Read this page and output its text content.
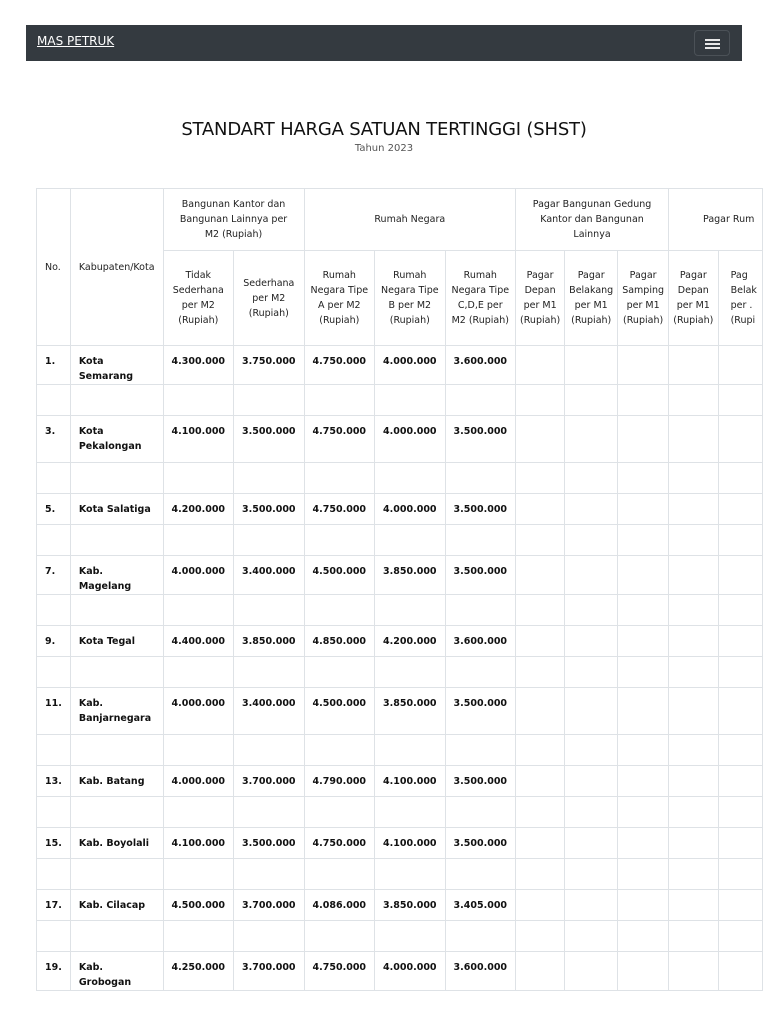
MAS PETRUK
STANDART HARGA SATUAN TERTINGGI (SHST)
Tahun 2023
No.	Kabupaten/Kota	Bangunan Kantor dan Bangunan Lainnya per M2 (Rupiah)		Rumah Negara			Pagar Bangunan Gedung Kantor dan Bangunan Lainnya			Pagar Rum	
		Tidak Sederhana per M2 (Rupiah)	Sederhana per M2 (Rupiah)	Rumah Negara Tipe A per M2 (Rupiah)	Rumah Negara Tipe B per M2 (Rupiah)	Rumah Negara Tipe C,D,E per M2 (Rupiah)	Pagar Depan per M1 (Rupiah)	Pagar Belakang per M1 (Rupiah)	Pagar Samping per M1 (Rupiah)	Pagar Depan per M1 (Rupiah)	Pag Belak per . (Rupi
1.	Kota Semarang	4.300.000	3.750.000	4.750.000	4.000.000	3.600.000					

3.	Kota Pekalongan	4.100.000	3.500.000	4.750.000	4.000.000	3.500.000					

5.	Kota Salatiga	4.200.000	3.500.000	4.750.000	4.000.000	3.500.000					

7.	Kab. Magelang	4.000.000	3.400.000	4.500.000	3.850.000	3.500.000					

9.	Kota Tegal	4.400.000	3.850.000	4.850.000	4.200.000	3.600.000					

11.	Kab. Banjarnegara	4.000.000	3.400.000	4.500.000	3.850.000	3.500.000					

13.	Kab. Batang	4.000.000	3.700.000	4.790.000	4.100.000	3.500.000					

15.	Kab. Boyolali	4.100.000	3.500.000	4.750.000	4.100.000	3.500.000					

17.	Kab. Cilacap	4.500.000	3.700.000	4.086.000	3.850.000	3.405.000					

19.	Kab. Grobogan	4.250.000	3.700.000	4.750.000	4.000.000	3.600.000					
